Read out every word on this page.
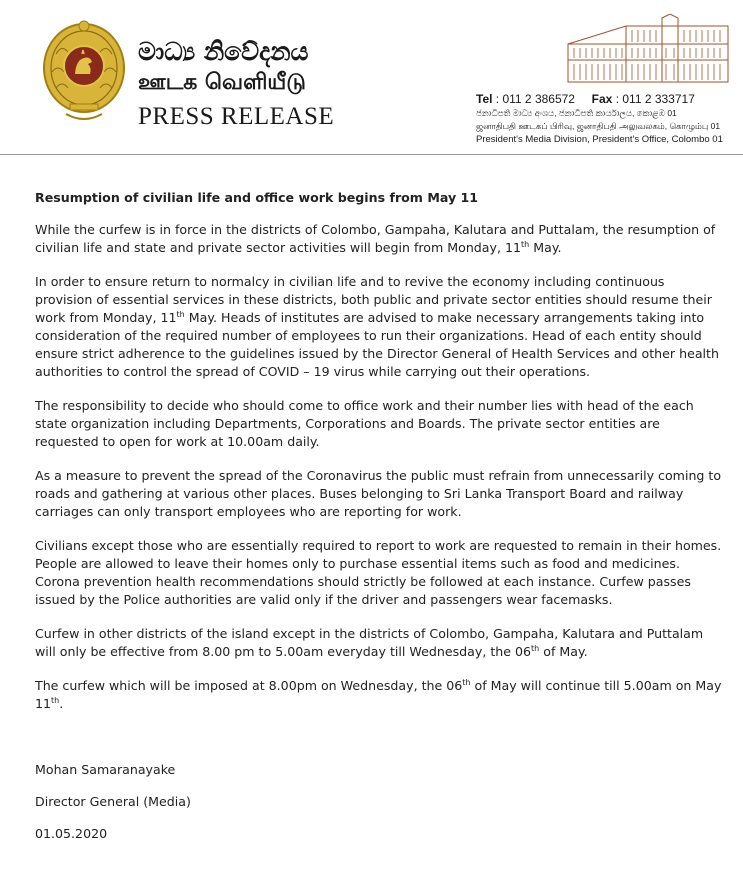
මාධ්‍ය නිවේදනය
ஊடக வெளியீடு
PRESS RELEASE
Tel : 011 2 386572 Fax : 011 2 333717
ජනාධිපති මාධ්‍ය අංශය, ජනාධිපති කාර්යාලය, කොළඹ 01
ஜனாதிபதி ஊடகப் பிரிவு, ஜனாதிபதி அலுவலகம், கொழும்பு 01
President's Media Division, President's Office, Colombo 01

Resumption of civilian life and office work begins from May 11

While the curfew is in force in the districts of Colombo, Gampaha, Kalutara and Puttalam, the resumption of civilian life and state and private sector activities will begin from Monday, 11th May.

In order to ensure return to normalcy in civilian life and to revive the economy including continuous provision of essential services in these districts, both public and private sector entities should resume their work from Monday, 11th May. Heads of institutes are advised to make necessary arrangements taking into consideration of the required number of employees to run their organizations. Head of each entity should ensure strict adherence to the guidelines issued by the Director General of Health Services and other health authorities to control the spread of COVID – 19 virus while carrying out their operations.

The responsibility to decide who should come to office work and their number lies with head of the each state organization including Departments, Corporations and Boards. The private sector entities are requested to open for work at 10.00am daily.

As a measure to prevent the spread of the Coronavirus the public must refrain from unnecessarily coming to roads and gathering at various other places. Buses belonging to Sri Lanka Transport Board and railway carriages can only transport employees who are reporting for work.

Civilians except those who are essentially required to report to work are requested to remain in their homes. People are allowed to leave their homes only to purchase essential items such as food and medicines. Corona prevention health recommendations should strictly be followed at each instance. Curfew passes issued by the Police authorities are valid only if the driver and passengers wear facemasks.

Curfew in other districts of the island except in the districts of Colombo, Gampaha, Kalutara and Puttalam will only be effective from 8.00 pm to 5.00am everyday till Wednesday, the 06th of May.

The curfew which will be imposed at 8.00pm on Wednesday, the 06th of May will continue till 5.00am on May 11th.

Mohan Samaranayake

Director General (Media)

01.05.2020
